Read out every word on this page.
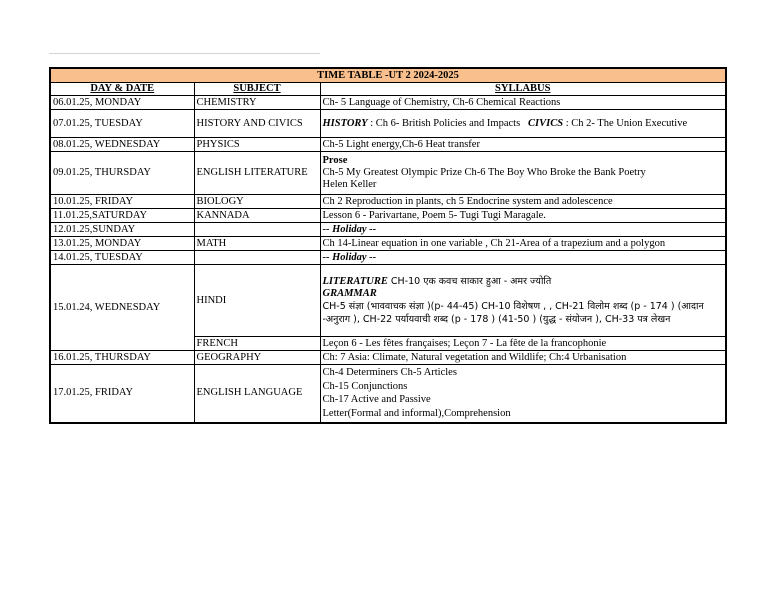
TIME TABLE -UT 2 2024-2025		
DAY & DATE	SUBJECT	SYLLABUS
06.01.25, MONDAY	CHEMISTRY	Ch- 5 Language of Chemistry, Ch-6 Chemical Reactions
07.01.25, TUESDAY	HISTORY AND CIVICS	HISTORY : Ch 6- British Policies and Impacts CIVICS : Ch 2- The Union Executive
08.01.25, WEDNESDAY	PHYSICS	Ch-5 Light energy,Ch-6 Heat transfer
09.01.25, THURSDAY	ENGLISH LITERATURE	Prose
Ch-5 My Greatest Olympic Prize Ch-6 The Boy Who Broke the Bank Poetry
Helen Keller

10.01.25, FRIDAY	BIOLOGY	Ch 2 Reproduction in plants, ch 5 Endocrine system and adolescence
11.01.25,SATURDAY	KANNADA	Lesson 6 - Parivartane, Poem 5- Tugi Tugi Maragale.
12.01.25,SUNDAY		-- Holiday --
13.01.25, MONDAY	MATH	Ch 14-Linear equation in one variable , Ch 21-Area of a trapezium and a polygon
14.01.25, TUESDAY		-- Holiday --
15.01.24, WEDNESDAY	HINDI	LITERATURE CH-10 एक कवच साकार हुआ - अमर ज्योति
GRAMMAR
CH-5 संज्ञा (भाववाचक संज्ञा )(p- 44-45) CH-10 विशेषण , , CH-21 विलोम शब्द (p - 174 ) (आदान -अनुराग ), CH-22 पर्यायवाची शब्द (p - 178 ) (41-50 ) (युद्ध - संयोजन ), CH-33 पत्र लेखन

	FRENCH	Leçon 6 - Les fêtes françaises; Leçon 7 - La fête de la francophonie
16.01.25, THURSDAY	GEOGRAPHY	Ch: 7 Asia: Climate, Natural vegetation and Wildlife; Ch:4 Urbanisation
17.01.25, FRIDAY	ENGLISH LANGUAGE	Ch-4 Determiners Ch-5 Articles
Ch-15 Conjunctions
Ch-17 Active and Passive
Letter(Formal and informal),Comprehension
